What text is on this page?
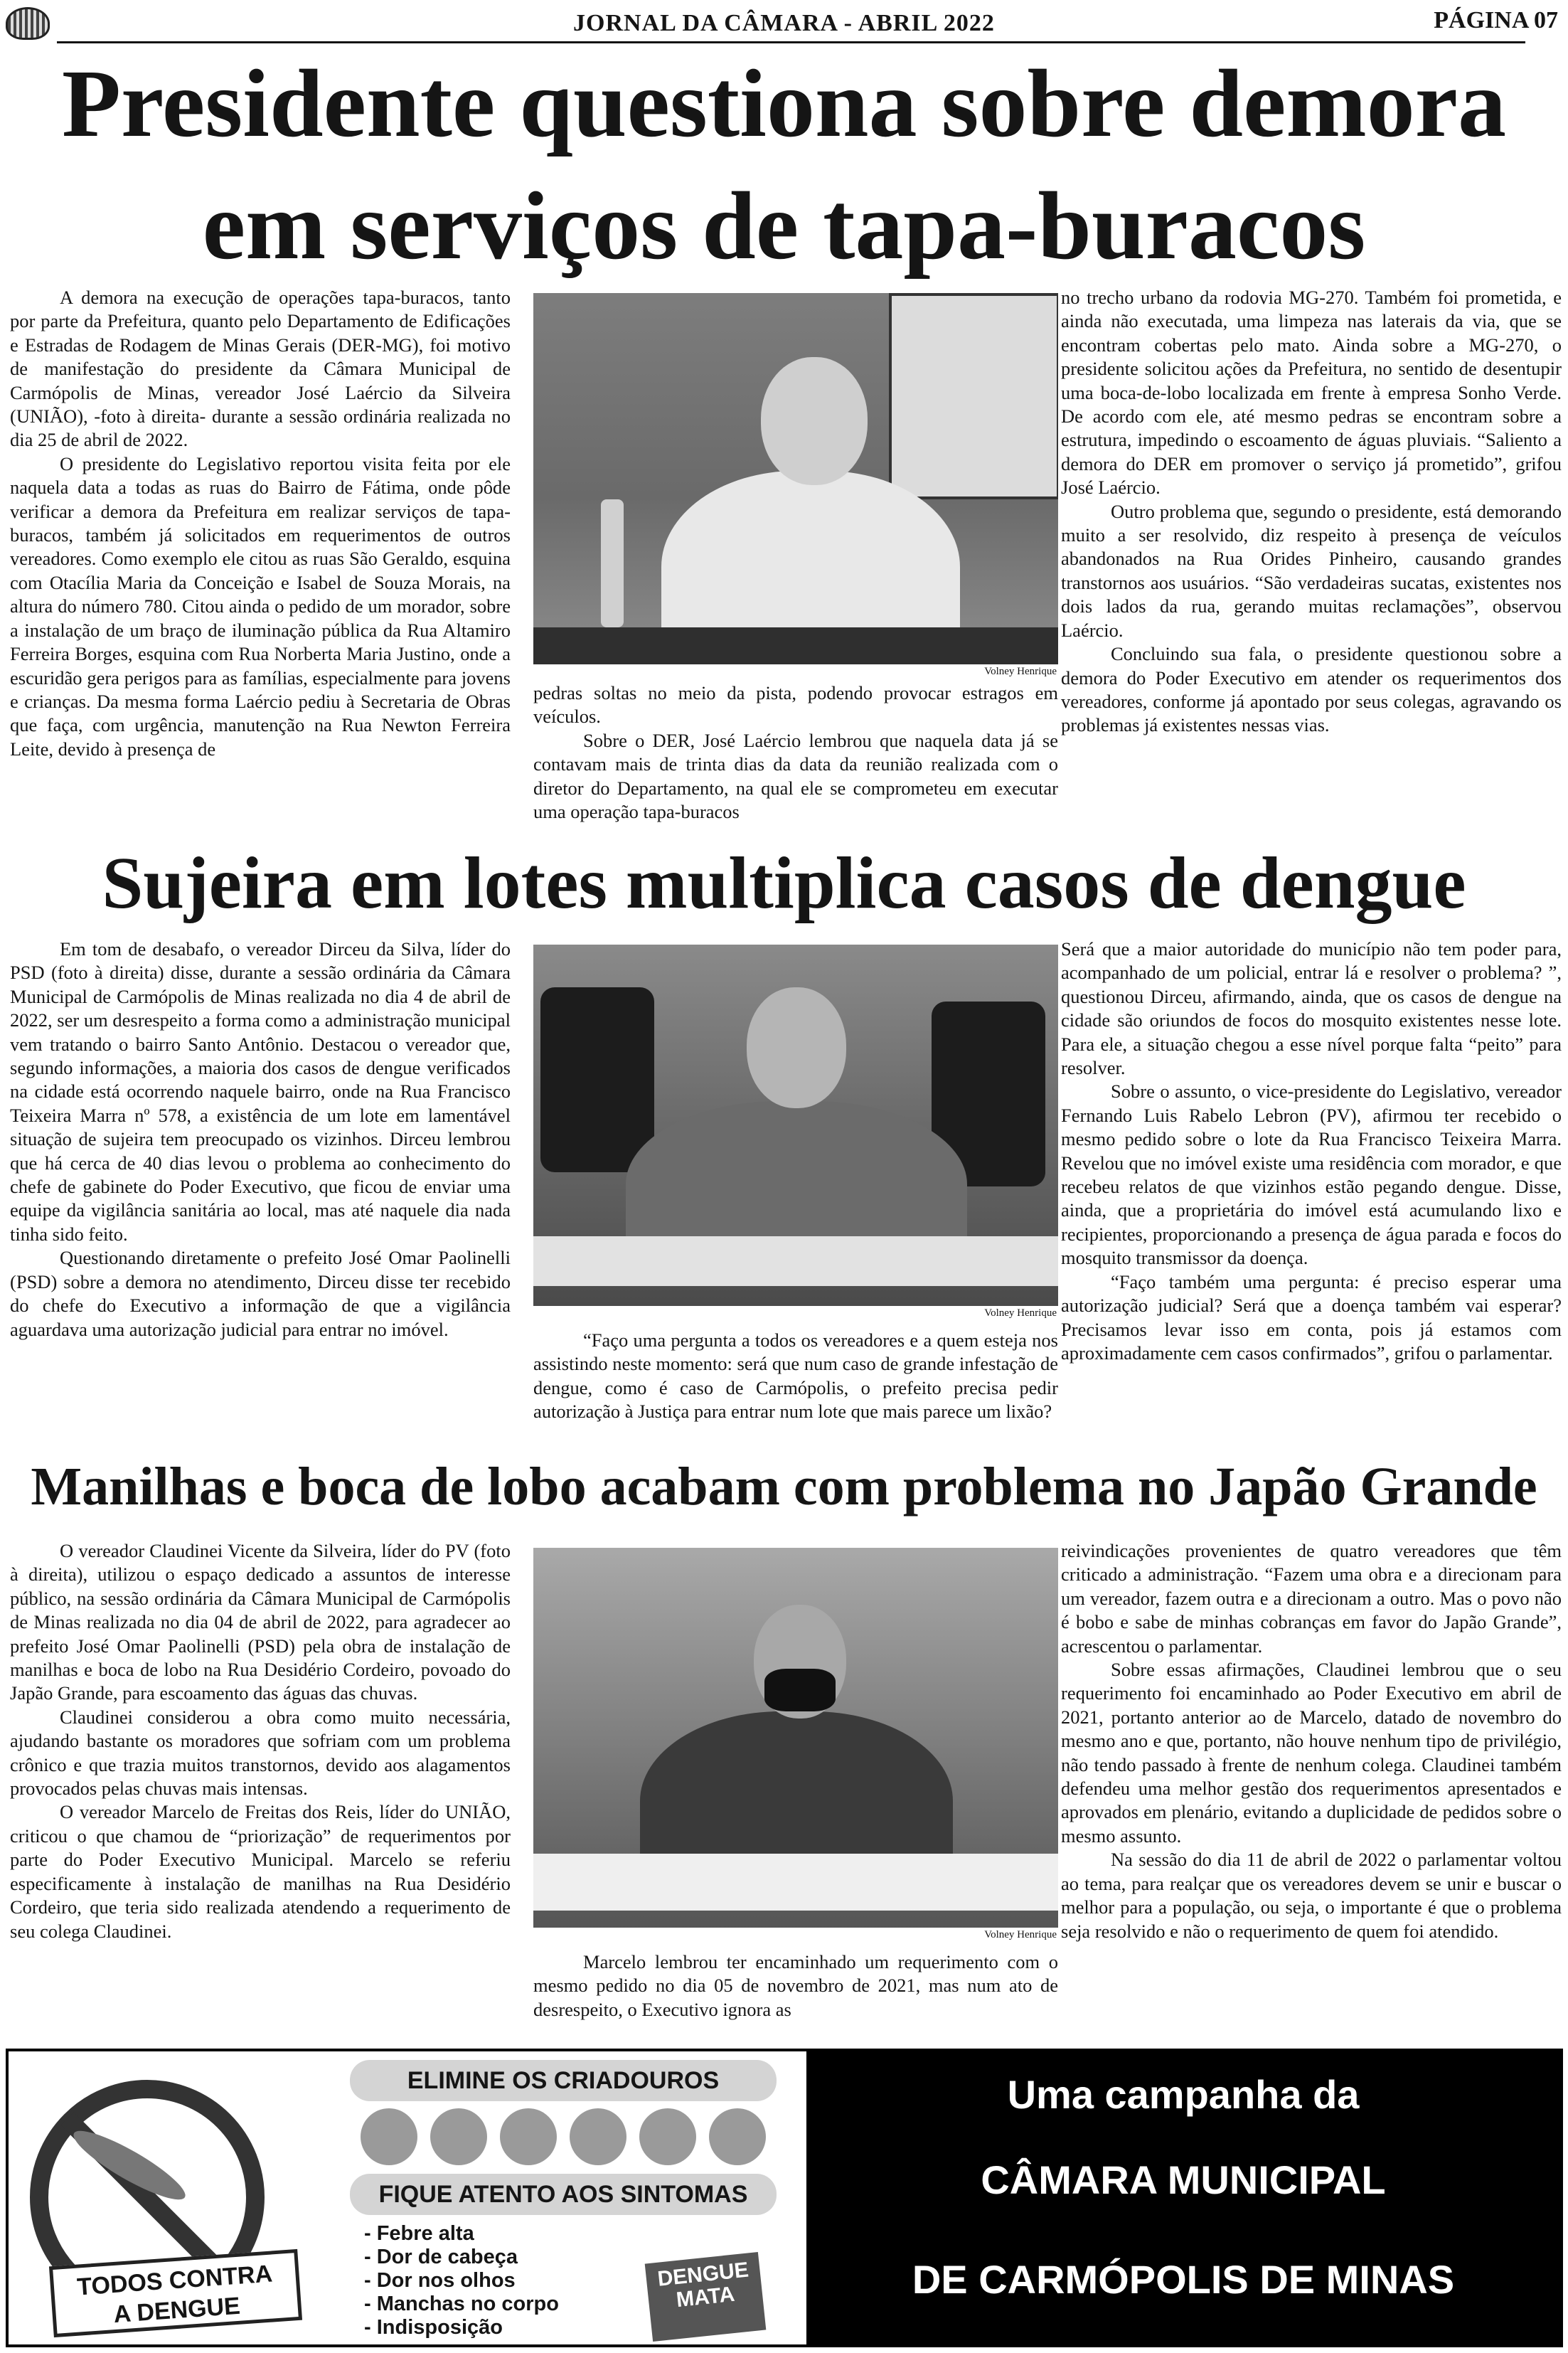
JORNAL DA CÂMARA - ABRIL 2022	PÁGINA 07
Presidente questiona sobre demora
em serviços de tapa-buracos

A demora na execução de operações tapa-buracos, tanto por parte da Prefeitura, quanto pelo Departamento de Edificações e Estradas de Rodagem de Minas Gerais (DER-MG), foi motivo de manifestação do presidente da Câmara Municipal de Carmópolis de Minas, vereador José Laércio da Silveira (UNIÃO), -foto à direita- durante a sessão ordinária realizada no dia 25 de abril de 2022.

O presidente do Legislativo reportou visita feita por ele naquela data a todas as ruas do Bairro de Fátima, onde pôde verificar a demora da Prefeitura em realizar serviços de tapa-buracos, também já solicitados em requerimentos de outros vereadores. Como exemplo ele citou as ruas São Geraldo, esquina com Otacília Maria da Conceição e Isabel de Souza Morais, na altura do número 780. Citou ainda o pedido de um morador, sobre a instalação de um braço de iluminação pública da Rua Altamiro Ferreira Borges, esquina com Rua Norberta Maria Justino, onde a escuridão gera perigos para as famílias, especialmente para jovens e crianças. Da mesma forma Laércio pediu à Secretaria de Obras que faça, com urgência, manutenção na Rua Newton Ferreira Leite, devido à presença de

Volney Henrique

pedras soltas no meio da pista, podendo provocar estragos em veículos.

Sobre o DER, José Laércio lembrou que naquela data já se contavam mais de trinta dias da data da reunião realizada com o diretor do Departamento, na qual ele se comprometeu em executar uma operação tapa-buracos

no trecho urbano da rodovia MG-270. Também foi prometida, e ainda não executada, uma limpeza nas laterais da via, que se encontram cobertas pelo mato. Ainda sobre a MG-270, o presidente solicitou ações da Prefeitura, no sentido de desentupir uma boca-de-lobo localizada em frente à empresa Sonho Verde. De acordo com ele, até mesmo pedras se encontram sobre a estrutura, impedindo o escoamento de águas pluviais. “Saliento a demora do DER em promover o serviço já prometido”, grifou José Laércio.

Outro problema que, segundo o presidente, está demorando muito a ser resolvido, diz respeito à presença de veículos abandonados na Rua Orides Pinheiro, causando grandes transtornos aos usuários. “São verdadeiras sucatas, existentes nos dois lados da rua, gerando muitas reclamações”, observou Laércio.

Concluindo sua fala, o presidente questionou sobre a demora do Poder Executivo em atender os requerimentos dos vereadores, conforme já apontado por seus colegas, agravando os problemas já existentes nessas vias.

Sujeira em lotes multiplica casos de dengue

Em tom de desabafo, o vereador Dirceu da Silva, líder do PSD (foto à direita) disse, durante a sessão ordinária da Câmara Municipal de Carmópolis de Minas realizada no dia 4 de abril de 2022, ser um desrespeito a forma como a administração municipal vem tratando o bairro Santo Antônio. Destacou o vereador que, segundo informações, a maioria dos casos de dengue verificados na cidade está ocorrendo naquele bairro, onde na Rua Francisco Teixeira Marra nº 578, a existência de um lote em lamentável situação de sujeira tem preocupado os vizinhos. Dirceu lembrou que há cerca de 40 dias levou o problema ao conhecimento do chefe de gabinete do Poder Executivo, que ficou de enviar uma equipe da vigilância sanitária ao local, mas até naquele dia nada tinha sido feito.

Questionando diretamente o prefeito José Omar Paolinelli (PSD) sobre a demora no atendimento, Dirceu disse ter recebido do chefe do Executivo a informação de que a vigilância aguardava uma autorização judicial para entrar no imóvel.

Volney Henrique

“Faço uma pergunta a todos os vereadores e a quem esteja nos assistindo neste momento: será que num caso de grande infestação de dengue, como é caso de Carmópolis, o prefeito precisa pedir autorização à Justiça para entrar num lote que mais parece um lixão?

Será que a maior autoridade do município não tem poder para, acompanhado de um policial, entrar lá e resolver o problema? ”, questionou Dirceu, afirmando, ainda, que os casos de dengue na cidade são oriundos de focos do mosquito existentes nesse lote. Para ele, a situação chegou a esse nível porque falta “peito” para resolver.

Sobre o assunto, o vice-presidente do Legislativo, vereador Fernando Luis Rabelo Lebron (PV), afirmou ter recebido o mesmo pedido sobre o lote da Rua Francisco Teixeira Marra. Revelou que no imóvel existe uma residência com morador, e que recebeu relatos de que vizinhos estão pegando dengue. Disse, ainda, que a proprietária do imóvel está acumulando lixo e recipientes, proporcionando a presença de água parada e focos do mosquito transmissor da doença.

“Faço também uma pergunta: é preciso esperar uma autorização judicial? Será que a doença também vai esperar? Precisamos levar isso em conta, pois já estamos com aproximadamente cem casos confirmados”, grifou o parlamentar.

Manilhas e boca de lobo acabam com problema no Japão Grande

O vereador Claudinei Vicente da Silveira, líder do PV (foto à direita), utilizou o espaço dedicado a assuntos de interesse público, na sessão ordinária da Câmara Municipal de Carmópolis de Minas realizada no dia 04 de abril de 2022, para agradecer ao prefeito José Omar Paolinelli (PSD) pela obra de instalação de manilhas e boca de lobo na Rua Desidério Cordeiro, povoado do Japão Grande, para escoamento das águas das chuvas.

Claudinei considerou a obra como muito necessária, ajudando bastante os moradores que sofriam com um problema crônico e que trazia muitos transtornos, devido aos alagamentos provocados pelas chuvas mais intensas.

O vereador Marcelo de Freitas dos Reis, líder do UNIÃO, criticou o que chamou de “priorização” de requerimentos por parte do Poder Executivo Municipal. Marcelo se referiu especificamente à instalação de manilhas na Rua Desidério Cordeiro, que teria sido realizada atendendo a requerimento de seu colega Claudinei.	Volney Henrique

Marcelo lembrou ter encaminhado um requerimento com o mesmo pedido no dia 05 de novembro de 2021, mas num ato de desrespeito, o Executivo ignora as

reivindicações provenientes de quatro vereadores que têm criticado a administração. “Fazem uma obra e a direcionam para um vereador, fazem outra e a direcionam a outro. Mas o povo não é bobo e sabe de minhas cobranças em favor do Japão Grande”, acrescentou o parlamentar.

Sobre essas afirmações, Claudinei lembrou que o seu requerimento foi encaminhado ao Poder Executivo em abril de 2021, portanto anterior ao de Marcelo, datado de novembro do mesmo ano e que, portanto, não houve nenhum tipo de privilégio, não tendo passado à frente de nenhum colega. Claudinei também defendeu uma melhor gestão dos requerimentos apresentados e aprovados em plenário, evitando a duplicidade de pedidos sobre o mesmo assunto.

Na sessão do dia 11 de abril de 2022 o parlamentar voltou ao tema, para realçar que os vereadores devem se unir e buscar o melhor para a população, ou seja, o importante é que o problema seja resolvido e não o requerimento de quem foi atendido.

TODOS CONTRA
A DENGUE
ELIMINE OS CRIADOUROS
FIQUE ATENTO AOS SINTOMAS
- Febre alta
- Dor de cabeça
- Dor nos olhos
- Manchas no corpo
- Indisposição
DENGUE
MATA
Uma campanha da
CÂMARA MUNICIPAL
DE CARMÓPOLIS DE MINAS
